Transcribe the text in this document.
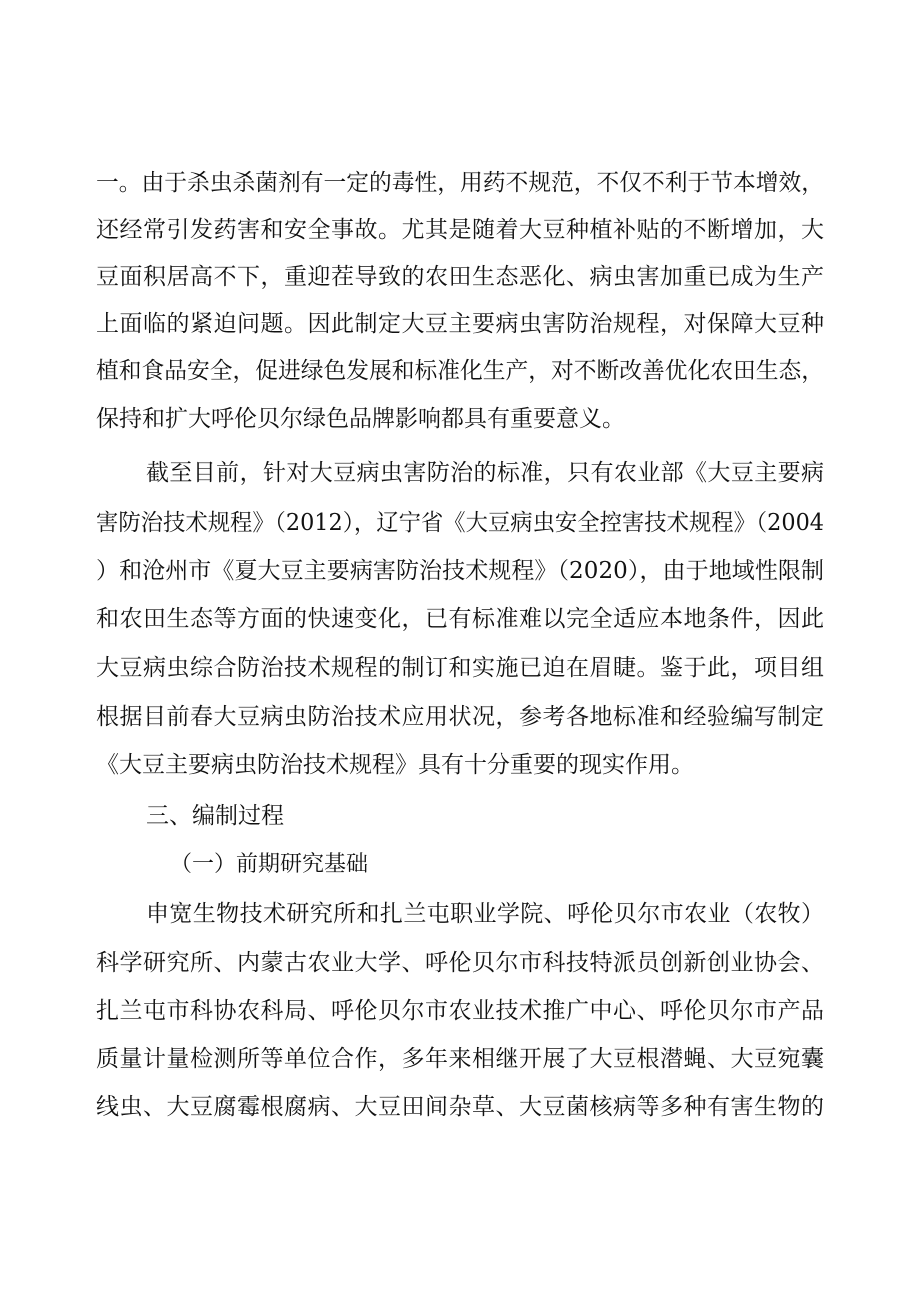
一。由于杀虫杀菌剂有一定的毒性，用药不规范，不仅不利于节本增效，
还经常引发药害和安全事故。尤其是随着大豆种植补贴的不断增加，大
豆面积居高不下，重迎茬导致的农田生态恶化、病虫害加重已成为生产
上面临的紧迫问题。因此制定大豆主要病虫害防治规程，对保障大豆种
植和食品安全，促进绿色发展和标准化生产，对不断改善优化农田生态，
保持和扩大呼伦贝尔绿色品牌影响都具有重要意义。
截至目前，针对大豆病虫害防治的标准，只有农业部《大豆主要病
害防治技术规程》（2012），辽宁省《大豆病虫安全控害技术规程》（2004
）和沧州市《夏大豆主要病害防治技术规程》（2020），由于地域性限制
和农田生态等方面的快速变化，已有标准难以完全适应本地条件，因此
大豆病虫综合防治技术规程的制订和实施已迫在眉睫。鉴于此，项目组
根据目前春大豆病虫防治技术应用状况，参考各地标准和经验编写制定
《大豆主要病虫防治技术规程》具有十分重要的现实作用。
三、编制过程
（一）前期研究基础
申宽生物技术研究所和扎兰屯职业学院、呼伦贝尔市农业（农牧）
科学研究所、内蒙古农业大学、呼伦贝尔市科技特派员创新创业协会、
扎兰屯市科协农科局、呼伦贝尔市农业技术推广中心、呼伦贝尔市产品
质量计量检测所等单位合作，多年来相继开展了大豆根潜蝇、大豆宛囊
线虫、大豆腐霉根腐病、大豆田间杂草、大豆菌核病等多种有害生物的
